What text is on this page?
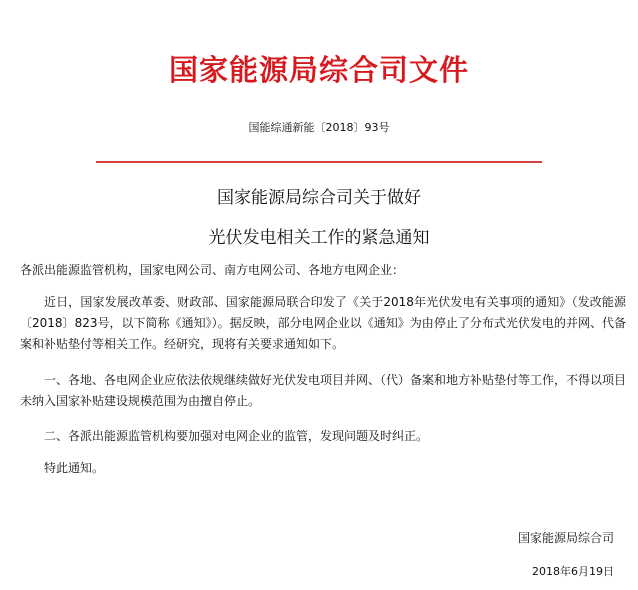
国家能源局综合司文件
国能综通新能〔2018〕93号
国家能源局综合司关于做好
光伏发电相关工作的紧急通知

各派出能源监管机构，国家电网公司、南方电网公司、各地方电网企业：

近日，国家发展改革委、财政部、国家能源局联合印发了《关于2018年光伏发电有关事项的通知》（发改能源〔2018〕823号，以下简称《通知》）。据反映，部分电网企业以《通知》为由停止了分布式光伏发电的并网、代备案和补贴垫付等相关工作。经研究，现将有关要求通知如下。

一、各地、各电网企业应依法依规继续做好光伏发电项目并网、（代）备案和地方补贴垫付等工作，不得以项目未纳入国家补贴建设规模范围为由擅自停止。

二、各派出能源监管机构要加强对电网企业的监管，发现问题及时纠正。

特此通知。

国家能源局综合司
2018年6月19日
